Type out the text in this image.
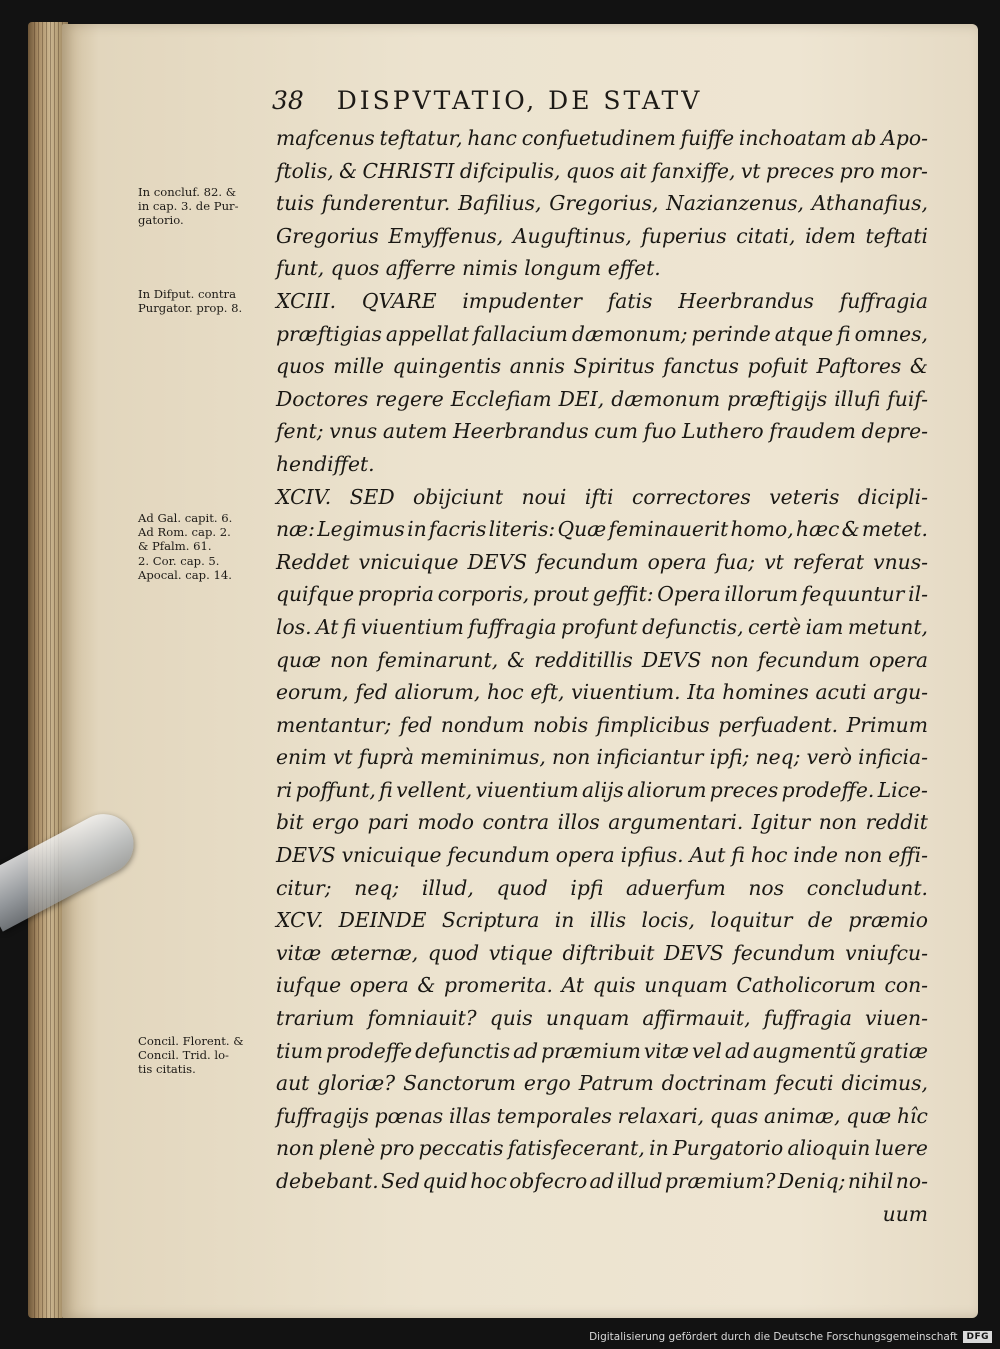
38 DISPVTATIO, DE STATV
In concluf. 82. &
in cap. 3. de Pur-
gatorio.
In Difput. contra
Purgator. prop. 8.
Ad Gal. capit. 6.
Ad Rom. cap. 2.
& Pfalm. 61.
2. Cor. cap. 5.
Apocal. cap. 14.
Concil. Florent. &
Concil. Trid. lo-
tis citatis.
mafcenus teftatur, hanc confuetudinem fuiffe inchoatam ab Apo-
ftolis, & CHRISTI difcipulis, quos ait fanxiffe, vt preces pro mor-
tuis funderentur. Bafilius, Gregorius, Nazianzenus, Athanafius,
Gregorius Emyffenus, Auguftinus, fuperius citati, idem teftati
funt, quos afferre nimis longum effet.
XCIII. QVARE impudenter fatis Heerbrandus fuffragia
præftigias appellat fallacium dæmonum; perinde atque fi omnes,
quos mille quingentis annis Spiritus fanctus pofuit Paftores &
Doctores regere Ecclefiam DEI, dæmonum præftigijs illufi fuif-
fent; vnus autem Heerbrandus cum fuo Luthero fraudem depre-
hendiffet.
XCIV. SED obijciunt noui ifti correctores veteris dicipli-
næ: Legimus in facris literis: Quæ feminauerit homo, hæc & metet.
Reddet vnicuique DEVS fecundum opera fua; vt referat vnus-
quifque propria corporis, prout geffit: Opera illorum fequuntur il-
los. At fi viuentium fuffragia profunt defunctis, certè iam metunt,
quæ non feminarunt, & redditillis DEVS non fecundum opera
eorum, fed aliorum, hoc eft, viuentium. Ita homines acuti argu-
mentantur; fed nondum nobis fimplicibus perfuadent. Primum
enim vt fuprà meminimus, non inficiantur ipfi; neq; verò inficia-
ri poffunt, fi vellent, viuentium alijs aliorum preces prodeffe. Lice-
bit ergo pari modo contra illos argumentari. Igitur non reddit
DEVS vnicuique fecundum opera ipfius. Aut fi hoc inde non effi-
citur; neq; illud, quod ipfi aduerfum nos concludunt.
XCV. DEINDE Scriptura in illis locis, loquitur de præmio
vitæ æternæ, quod vtique diftribuit DEVS fecundum vniufcu-
iufque opera & promerita. At quis unquam Catholicorum con-
trarium fomniauit? quis unquam affirmauit, fuffragia viuen-
tium prodeffe defunctis ad præmium vitæ vel ad augmentũ gratiæ
aut gloriæ? Sanctorum ergo Patrum doctrinam fecuti dicimus,
fuffragijs pœnas illas temporales relaxari, quas animæ, quæ hîc
non plenè pro peccatis fatisfecerant, in Purgatorio alioquin luere
debebant. Sed quid hoc obfecro ad illud præmium? Deniq; nihil no-
uum
Digitalisierung gefördert durch die Deutsche Forschungsgemeinschaft	DFG
